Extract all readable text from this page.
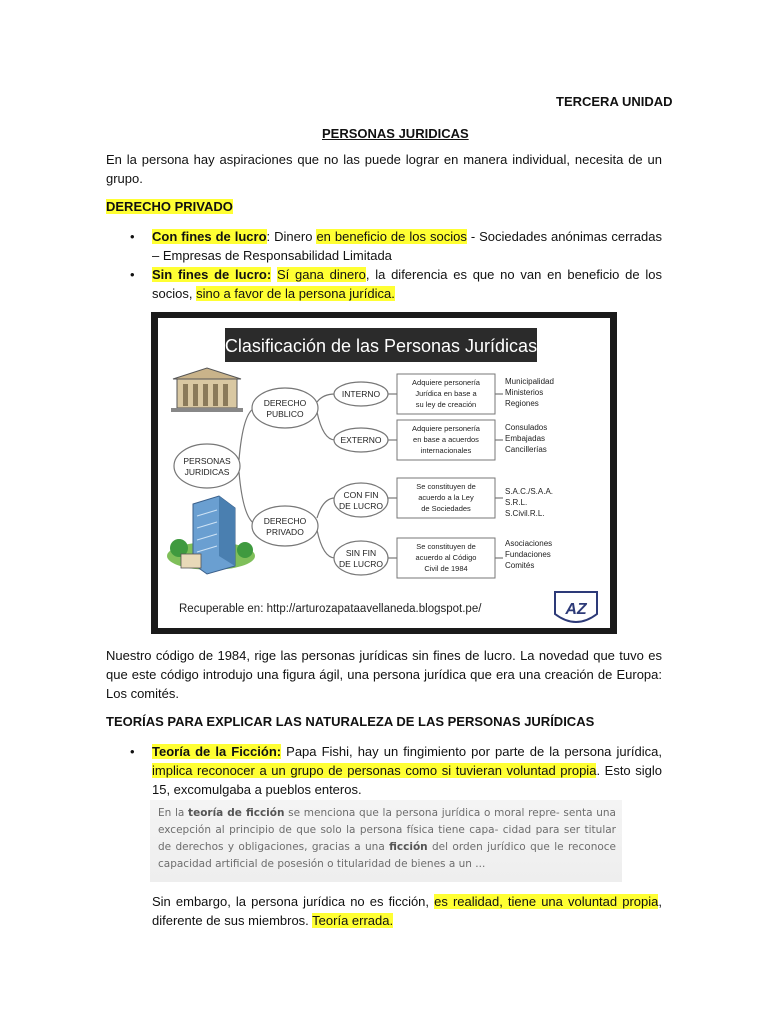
TERCERA UNIDAD
PERSONAS JURIDICAS
En la persona hay aspiraciones que no las puede lograr en manera individual, necesita de un grupo.
DERECHO PRIVADO
• Con fines de lucro: Dinero en beneficio de los socios - Sociedades anónimas cerradas – Empresas de Responsabilidad Limitada
• Sin fines de lucro: Sí gana dinero, la diferencia es que no van en beneficio de los socios, sino a favor de la persona jurídica.
Clasificación de las Personas Jurídicas
PERSONAS
JURIDICAS
DERECHO
PUBLICO
DERECHO
PRIVADO
INTERNO
EXTERNO
CON FIN
DE LUCRO
SIN FIN
DE LUCRO
Adquiere personería
Jurídica en base a
su ley de creación
Adquiere personería
en base a acuerdos
internacionales
Se constituyen de
acuerdo a la Ley
de Sociedades
Se constituyen de
acuerdo al Código
Civil de 1984
Municipalidad
Ministerios
Regiones
Consulados
Embajadas
Cancillerías
S.A.C./S.A.A.
S.R.L.
S.Civil.R.L.
Asociaciones
Fundaciones
Comités
Recuperable en: http://arturozapataavellaneda.blogspot.pe/	AZ
Nuestro código de 1984, rige las personas jurídicas sin fines de lucro. La novedad que tuvo es que este código introdujo una figura ágil, una persona jurídica que era una creación de Europa: Los comités.
TEORÍAS PARA EXPLICAR LAS NATURALEZA DE LAS PERSONAS JURÍDICAS
• Teoría de la Ficción: Papa Fishi, hay un fingimiento por parte de la persona jurídica, implica reconocer a un grupo de personas como si tuvieran voluntad propia. Esto siglo 15, excomulgaba a pueblos enteros.
En la teoría de ficción se menciona que la persona jurídica o moral repre- senta una excepción al principio de que solo la persona física tiene capa- cidad para ser titular de derechos y obligaciones, gracias a una ficción del orden jurídico que le reconoce capacidad artificial de posesión o titularidad de bienes a un ...
Sin embargo, la persona jurídica no es ficción, es realidad, tiene una voluntad propia, diferente de sus miembros. Teoría errada.
